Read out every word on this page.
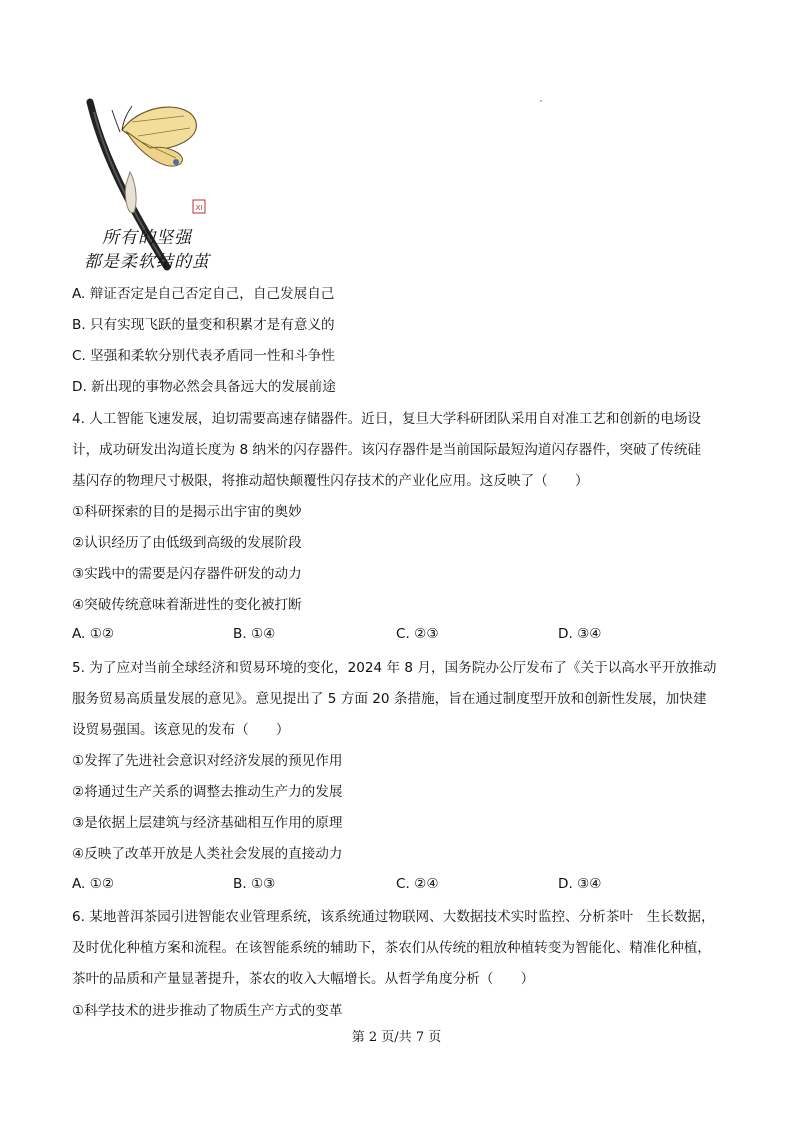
XI
所有的坚强
都是柔软结的茧
A. 辩证否定是自己否定自己，自己发展自己
B. 只有实现飞跃的量变和积累才是有意义的
C. 坚强和柔软分别代表矛盾同一性和斗争性
D. 新出现的事物必然会具备远大的发展前途
4. 人工智能飞速发展，迫切需要高速存储器件。近日，复旦大学科研团队采用自对准工艺和创新的电场设
计，成功研发出沟道长度为 8 纳米的闪存器件。该闪存器件是当前国际最短沟道闪存器件，突破了传统硅
基闪存的物理尺寸极限，将推动超快颠覆性闪存技术的产业化应用。这反映了（　　）
①科研探索的目的是揭示出宇宙的奥妙
②认识经历了由低级到高级的发展阶段
③实践中的需要是闪存器件研发的动力
④突破传统意味着渐进性的变化被打断
A. ①②	B. ①④	C. ②③	D. ③④
5. 为了应对当前全球经济和贸易环境的变化，2024 年 8 月，国务院办公厅发布了《关于以高水平开放推动
服务贸易高质量发展的意见》。意见提出了 5 方面 20 条措施，旨在通过制度型开放和创新性发展，加快建
设贸易强国。该意见的发布（　　）
①发挥了先进社会意识对经济发展的预见作用
②将通过生产关系的调整去推动生产力的发展
③是依据上层建筑与经济基础相互作用的原理
④反映了改革开放是人类社会发展的直接动力
A. ①②	B. ①③	C. ②④	D. ③④
6. 某地普洱茶园引进智能农业管理系统，该系统通过物联网、大数据技术实时监控、分析茶叶　生长数据，
及时优化种植方案和流程。在该智能系统的辅助下，茶农们从传统的粗放种植转变为智能化、精准化种植，
茶叶的品质和产量显著提升，茶农的收入大幅增长。从哲学角度分析（　　）
①科学技术的进步推动了物质生产方式的变革
第 2 页/共 7 页
